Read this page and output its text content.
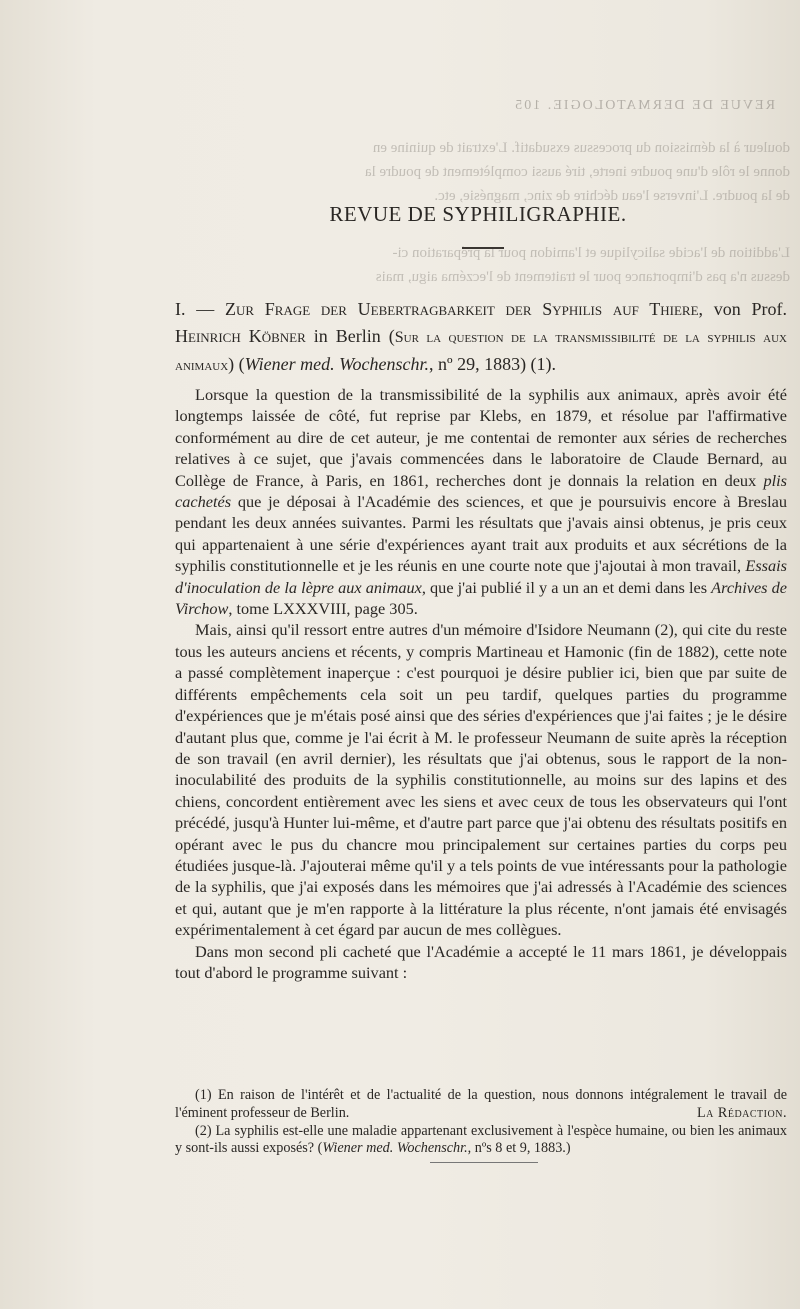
REVUE DE DERMATOLOGIE. 105
douleur à la démission du processus exsudatif. L'extrait de quinine en
donne le rôle d'une poudre inerte, tiré aussi complètement de poudre la
de la poudre. L'inverse l'eau déchire de zinc, magnésie, etc.
L'addition de l'acide salicylique et l'amidon pour la préparation ci-
dessus n'a pas d'importance pour le traitement de l'eczéma aigu, mais
REVUE DE SYPHILIGRAPHIE.
I. — Zur Frage der Uebertragbarkeit der Syphilis auf Thiere, von Prof. Heinrich Köbner in Berlin (Sur la question de la transmissibilité de la syphilis aux animaux) (Wiener med. Wochenschr., nº 29, 1883) (1).

Lorsque la question de la transmissibilité de la syphilis aux animaux, après avoir été longtemps laissée de côté, fut reprise par Klebs, en 1879, et résolue par l'affirmative conformément au dire de cet auteur, je me contentai de remonter aux séries de recherches relatives à ce sujet, que j'avais commencées dans le laboratoire de Claude Bernard, au Collège de France, à Paris, en 1861, recherches dont je donnais la relation en deux plis cachetés que je déposai à l'Académie des sciences, et que je poursuivis encore à Breslau pendant les deux années suivantes. Parmi les résultats que j'avais ainsi obtenus, je pris ceux qui appartenaient à une série d'expériences ayant trait aux produits et aux sécrétions de la syphilis constitutionnelle et je les réunis en une courte note que j'ajoutai à mon travail, Essais d'inoculation de la lèpre aux animaux, que j'ai publié il y a un an et demi dans les Archives de Virchow, tome LXXXVIII, page 305.

Mais, ainsi qu'il ressort entre autres d'un mémoire d'Isidore Neumann (2), qui cite du reste tous les auteurs anciens et récents, y compris Martineau et Hamonic (fin de 1882), cette note a passé complètement inaperçue : c'est pourquoi je désire publier ici, bien que par suite de différents empêchements cela soit un peu tardif, quelques parties du programme d'expériences que je m'étais posé ainsi que des séries d'expériences que j'ai faites ; je le désire d'autant plus que, comme je l'ai écrit à M. le professeur Neumann de suite après la réception de son travail (en avril dernier), les résultats que j'ai obtenus, sous le rapport de la non-inoculabilité des produits de la syphilis constitutionnelle, au moins sur des lapins et des chiens, concordent entièrement avec les siens et avec ceux de tous les observateurs qui l'ont précédé, jusqu'à Hunter lui-même, et d'autre part parce que j'ai obtenu des résultats positifs en opérant avec le pus du chancre mou principalement sur certaines parties du corps peu étudiées jusque-là. J'ajouterai même qu'il y a tels points de vue intéressants pour la pathologie de la syphilis, que j'ai exposés dans les mémoires que j'ai adressés à l'Académie des sciences et qui, autant que je m'en rapporte à la littérature la plus récente, n'ont jamais été envisagés expérimentalement à cet égard par aucun de mes collègues.

Dans mon second pli cacheté que l'Académie a accepté le 11 mars 1861, je développais tout d'abord le programme suivant :

(1) En raison de l'intérêt et de l'actualité de la question, nous donnons intégralement le travail de l'éminent professeur de Berlin.	La Rédaction.

(2) La syphilis est-elle une maladie appartenant exclusivement à l'espèce humaine, ou bien les animaux y sont-ils aussi exposés? (Wiener med. Wochenschr., nºs 8 et 9, 1883.)
